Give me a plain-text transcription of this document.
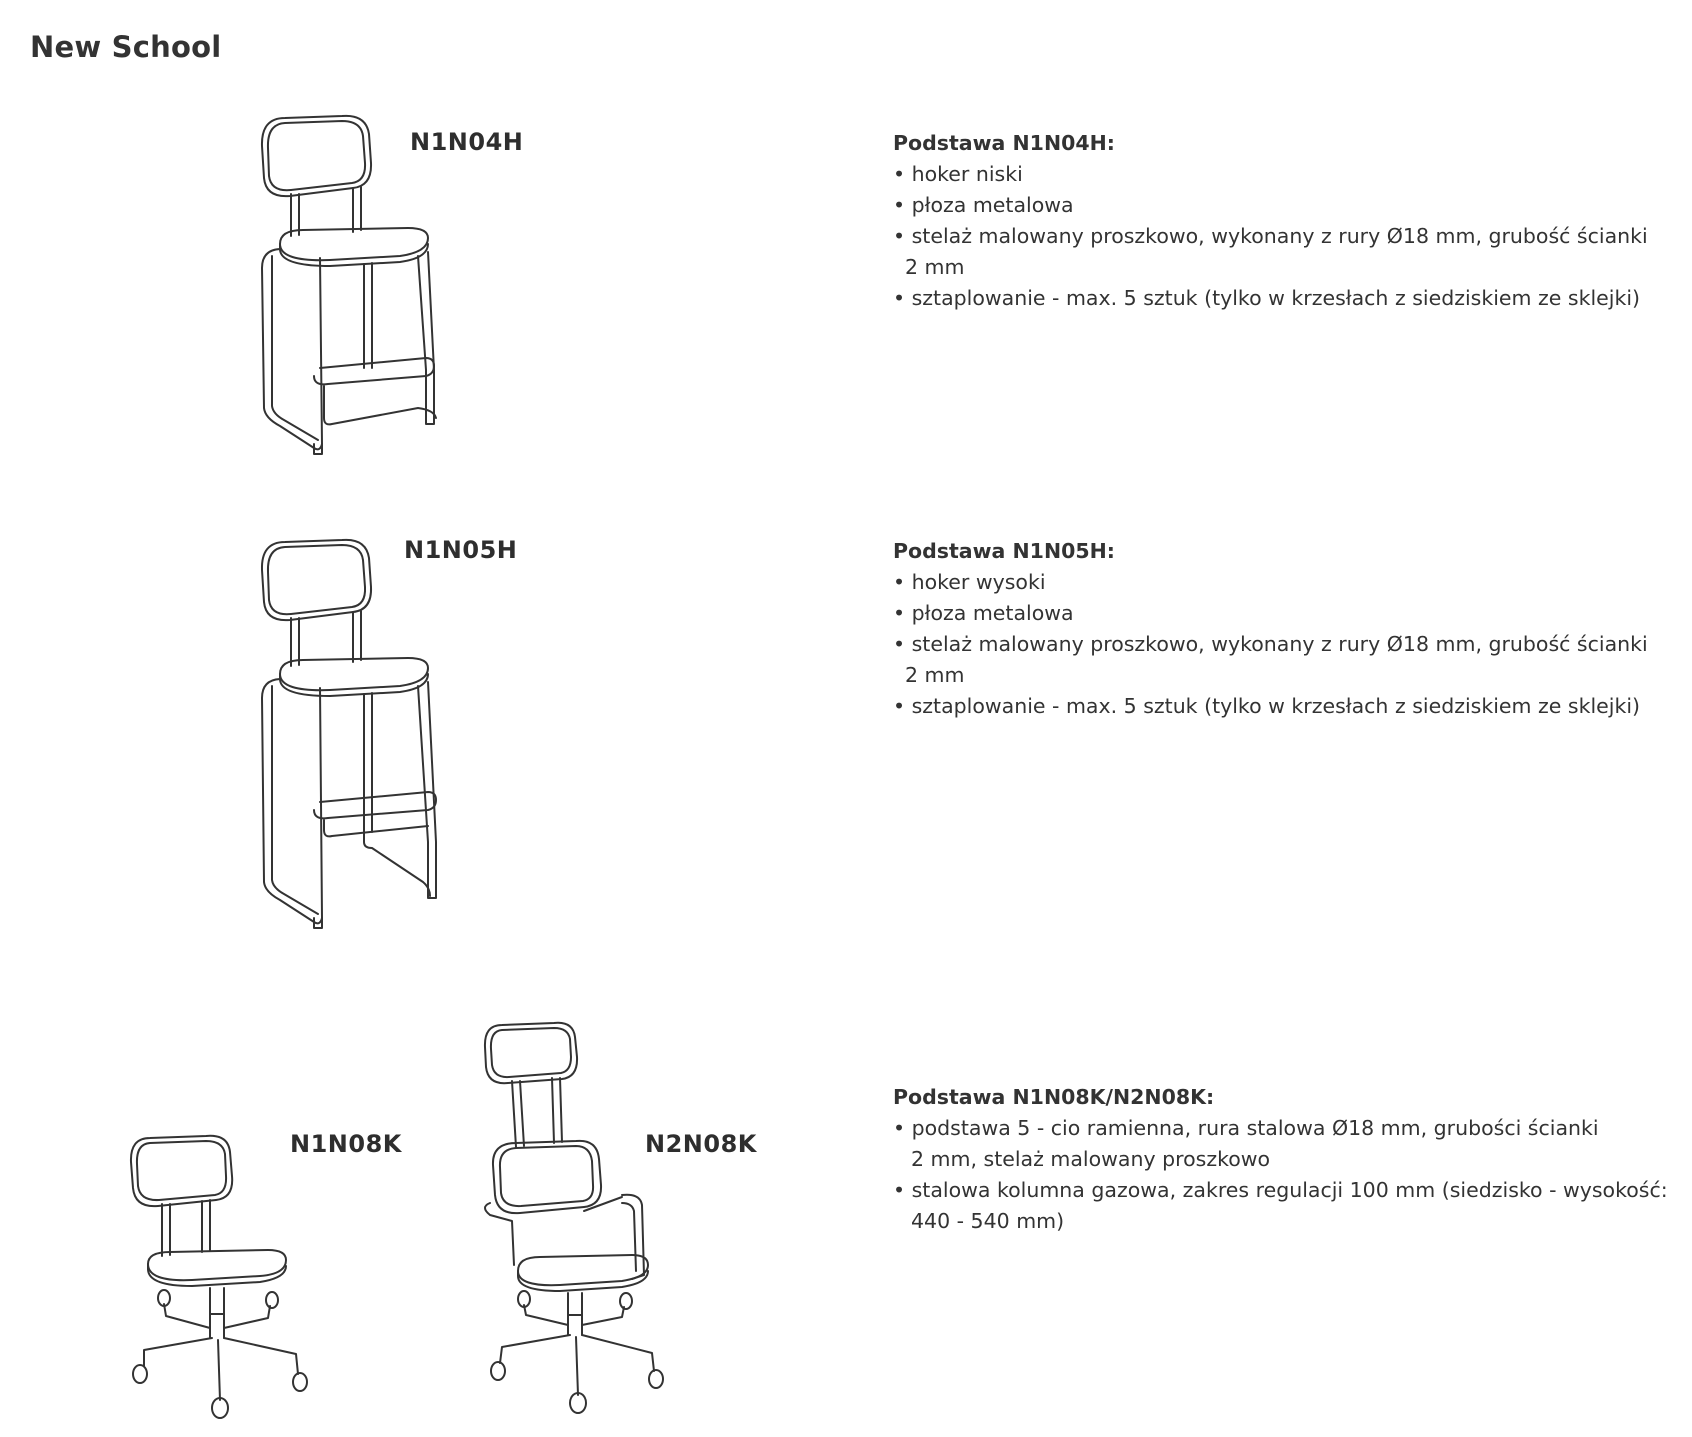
New School
N1N04H	Podstawa N1N04H:

• hoker niski
• płoza metalowa
• stelaż malowany proszkowo, wykonany z rury Ø18 mm, grubość ścianki
2 mm
• sztaplowanie - max. 5 sztuk (tylko w krzesłach z siedziskiem ze sklejki)
N1N05H	Podstawa N1N05H:

• hoker wysoki
• płoza metalowa
• stelaż malowany proszkowo, wykonany z rury Ø18 mm, grubość ścianki
2 mm
• sztaplowanie - max. 5 sztuk (tylko w krzesłach z siedziskiem ze sklejki)
N1N08K	N2N08K

Podstawa N1N08K/N2N08K:

• podstawa 5 - cio ramienna, rura stalowa Ø18 mm, grubości ścianki
2 mm, stelaż malowany proszkowo
• stalowa kolumna gazowa, zakres regulacji 100 mm (siedzisko - wysokość:
440 - 540 mm)
